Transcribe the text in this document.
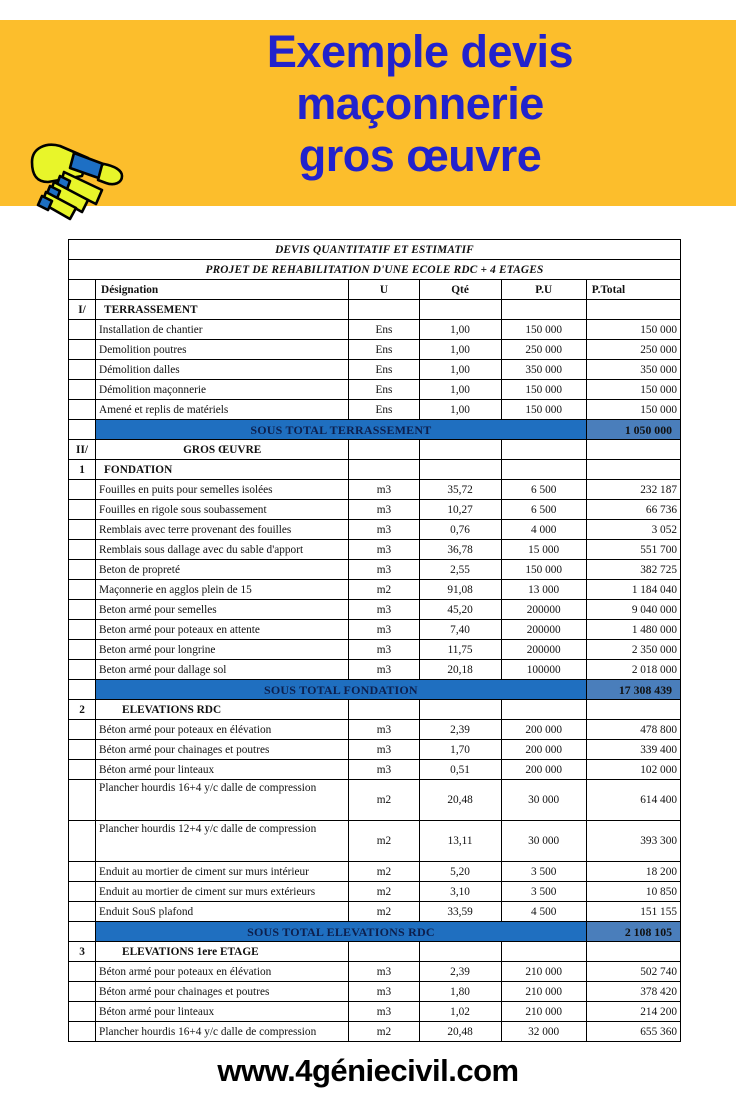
Exemple devis
maçonnerie
gros œuvre
DEVIS QUANTITATIF ET ESTIMATIF					
PROJET DE REHABILITATION D'UNE ECOLE RDC + 4 ETAGES					
	Désignation	U	Qté	P.U	P.Total
I/	TERRASSEMENT				
	Installation de chantier	Ens	1,00	150 000	150 000
	Demolition poutres	Ens	1,00	250 000	250 000
	Démolition dalles	Ens	1,00	350 000	350 000
	Démolition maçonnerie	Ens	1,00	150 000	150 000
	Amené et replis de matériels	Ens	1,00	150 000	150 000
	SOUS TOTAL TERRASSEMENT				1 050 000
II/	GROS ŒUVRE				
1	FONDATION				
	Fouilles en puits pour semelles isolées	m3	35,72	6 500	232 187
	Fouilles en rigole sous soubassement	m3	10,27	6 500	66 736
	Remblais avec terre provenant des fouilles	m3	0,76	4 000	3 052
	Remblais sous dallage avec du sable d'apport	m3	36,78	15 000	551 700
	Beton de propreté	m3	2,55	150 000	382 725
	Maçonnerie en agglos plein de 15	m2	91,08	13 000	1 184 040
	Beton armé pour semelles	m3	45,20	200000	9 040 000
	Beton armé pour poteaux en attente	m3	7,40	200000	1 480 000
	Beton armé pour longrine	m3	11,75	200000	2 350 000
	Beton armé pour dallage sol	m3	20,18	100000	2 018 000
	SOUS TOTAL FONDATION				17 308 439
2	ELEVATIONS RDC				
	Béton armé pour poteaux en élévation	m3	2,39	200 000	478 800
	Béton armé pour chainages et poutres	m3	1,70	200 000	339 400
	Béton armé pour linteaux	m3	0,51	200 000	102 000
	Plancher hourdis 16+4 y/c dalle de compression	m2	20,48	30 000	614 400
	Plancher hourdis 12+4 y/c dalle de compression	m2	13,11	30 000	393 300
	Enduit au mortier de ciment sur murs intérieur	m2	5,20	3 500	18 200
	Enduit au mortier de ciment sur murs extérieurs	m2	3,10	3 500	10 850
	Enduit SouS plafond	m2	33,59	4 500	151 155
	SOUS TOTAL ELEVATIONS RDC				2 108 105
3	ELEVATIONS 1ere ETAGE				
	Béton armé pour poteaux en élévation	m3	2,39	210 000	502 740
	Béton armé pour chainages et poutres	m3	1,80	210 000	378 420
	Béton armé pour linteaux	m3	1,02	210 000	214 200
	Plancher hourdis 16+4 y/c dalle de compression	m2	20,48	32 000	655 360

www.4géniecivil.com
